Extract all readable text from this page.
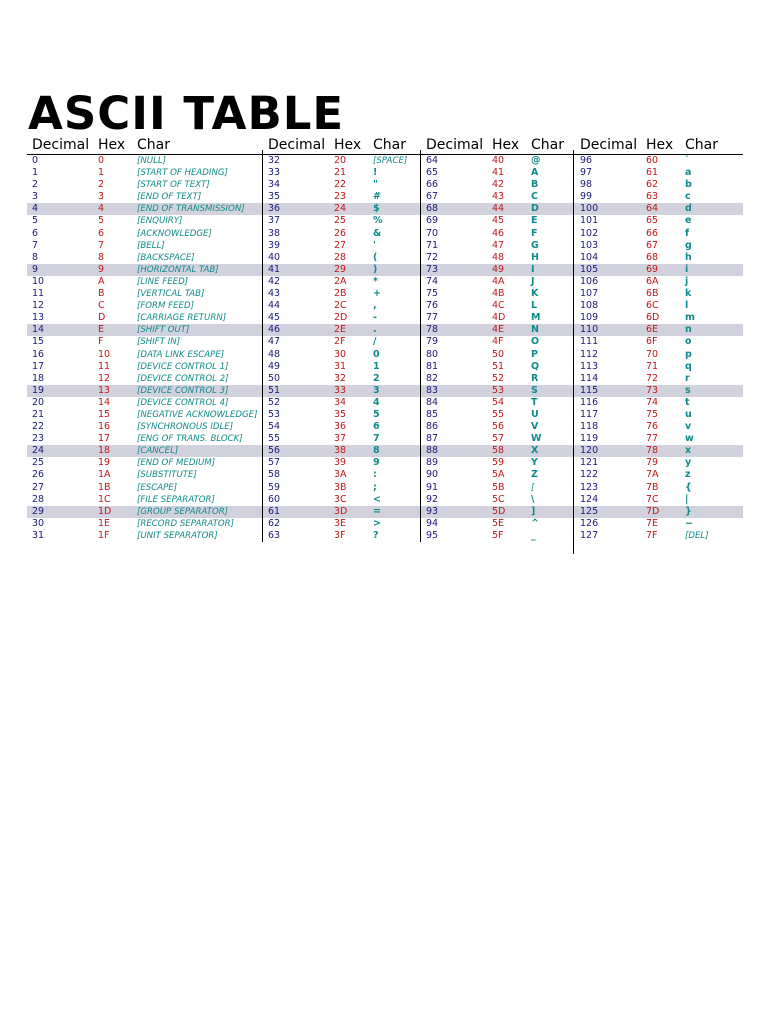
ASCII TABLE
Decimal Hex Char	Decimal Hex Char Decimal Hex Char Decimal Hex Char
0	0	[NULL]	32	20	[SPACE] 64	40	@	96	60	`
1	1	[START OF HEADING]	33	21	!	65	41	A	97	61	a
2	2	[START OF TEXT]	34	22	"	66	42	B	98	62	b
3	3	[END OF TEXT]	35	23	#	67	43	C	99	63	c
4	4	[END OF TRANSMISSION] 36	24	$	68	44	D	100	64	d
5	5	[ENQUIRY]	37	25	%	69	45	E	101	65	e
6	6	[ACKNOWLEDGE]	38	26	&	70	46	F	102	66	f
7	7	[BELL]	39	27	'	71	47	G	103	67	g
8	8	[BACKSPACE]	40	28	(	72	48	H	104	68	h
9	9	[HORIZONTAL TAB]	41	29	)	73	49	I	105	69	i
10	A	[LINE FEED]	42	2A	*	74	4A	J	106	6A	j
11	B	[VERTICAL TAB]	43	2B	+	75	4B	K	107	6B	k
12	C	[FORM FEED]	44	2C	,	76	4C	L	108	6C	l
13	D	[CARRIAGE RETURN]	45	2D	-	77	4D	M	109	6D	m
14	E	[SHIFT OUT]	46	2E	.	78	4E	N	110	6E	n
15	F	[SHIFT IN]	47	2F	/	79	4F	O	111	6F	o
16	10	[DATA LINK ESCAPE]	48	30	0	80	50	P	112	70	p
17	11	[DEVICE CONTROL 1]	49	31	1	81	51	Q	113	71	q
18	12	[DEVICE CONTROL 2]	50	32	2	82	52	R	114	72	r
19	13	[DEVICE CONTROL 3]	51	33	3	83	53	S	115	73	s
20	14	[DEVICE CONTROL 4]	52	34	4	84	54	T	116	74	t
21	15	[NEGATIVE ACKNOWLEDGE] 53	35	5	85	55	U	117	75	u
22	16	[SYNCHRONOUS IDLE]	54	36	6	86	56	V	118	76	v
23	17	[ENG OF TRANS. BLOCK]	55	37	7	87	57	W	119	77	w
24	18	[CANCEL]	56	38	8	88	58	X	120	78	x
25	19	[END OF MEDIUM]	57	39	9	89	59	Y	121	79	y
26	1A	[SUBSTITUTE]	58	3A	:	90	5A	Z	122	7A	z
27	1B	[ESCAPE]	59	3B	;	91	5B	[	123	7B	{
28	1C	[FILE SEPARATOR]	60	3C	<	92	5C	\	124	7C	|
29	1D	[GROUP SEPARATOR]	61	3D	=	93	5D	]	125	7D	}
30	1E	[RECORD SEPARATOR]	62	3E	>	94	5E	^	126	7E	~
31	1F	[UNIT SEPARATOR]	63	3F	?	95	5F	_	127	7F	[DEL]
